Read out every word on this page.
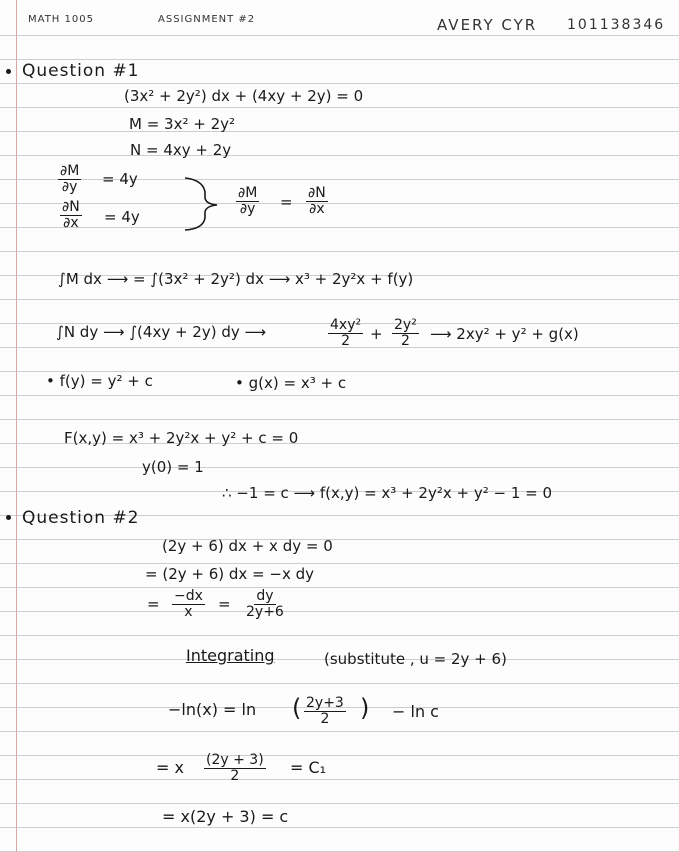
MATH 1005	ASSIGNMENT #2	AVERY CYR 101138346
Question #1
(3x² + 2y²) dx + (4xy + 2y) = 0
M = 3x² + 2y²
N = 4xy + 2y
$\frac{\partial M}{\partial y} = 4y$
$\frac{\partial N}{\partial x} = 4y$	$\frac{\partial M}{\partial y} = \frac{\partial N}{\partial x}$
∫M dx ⟶ = ∫(3x² + 2y²) dx ⟶ x³ + 2y²x + f(y)
∫N dy ⟶ ∫(4xy + 2y) dy ⟶	$\frac{\text{4xy²}}{2} + \frac{\text{2y²}}{2}$ ⟶ 2xy² + y² + g(x)
• f(y) = y² + c	• g(x) = x³ + c
F(x,y) = x³ + 2y²x + y² + c = 0
y(0) = 1
∴ −1 = c ⟶ f(x,y) = x³ + 2y²x + y² − 1 = 0
Question #2
(2y + 6) dx + x dy = 0
= (2y + 6) dx = −x dy
= $\frac{-dx}{x} = \frac{dy}{2y+6}$
Integrating	(substitute , u = 2y + 6)
−ln(x) = ln ( $\frac{2y+3}{2}$ ) − ln c
= x $\frac{(2y + 3)}{2} = C_1$
= x(2y + 3) = c
